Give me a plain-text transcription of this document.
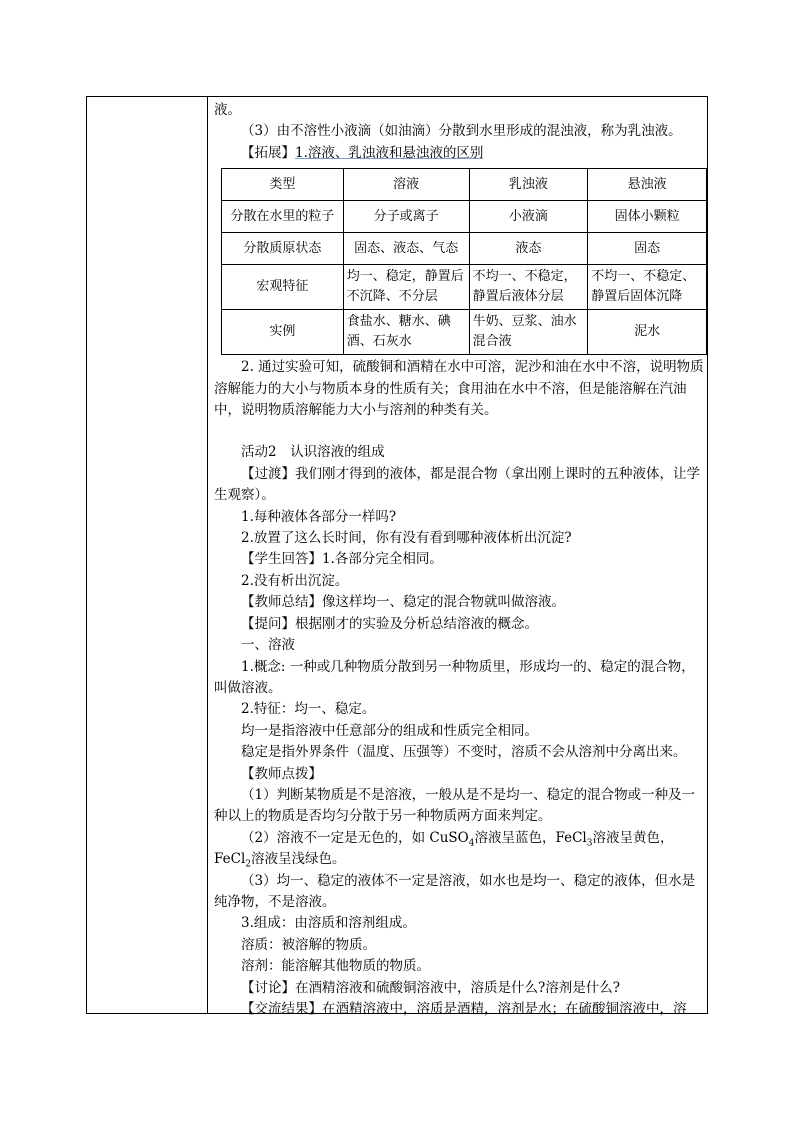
液。

（3）由不溶性小液滴（如油滴）分散到水里形成的混浊液，称为乳浊液。

【拓展】1.溶液、乳浊液和悬浊液的区别

类型	溶液	乳浊液	悬浊液
分散在水里的粒子	分子或离子	小液滴	固体小颗粒
分散质原状态	固态、液态、气态	液态	固态
宏观特征	均一、稳定，静置后不沉降、不分层	不均一、不稳定，静置后液体分层	不均一、不稳定、静置后固体沉降
实例	食盐水、糖水、碘酒、石灰水	牛奶、豆浆、油水混合液	泥水

2. 通过实验可知，硫酸铜和酒精在水中可溶，泥沙和油在水中不溶，说明物质溶解能力的大小与物质本身的性质有关；食用油在水中不溶，但是能溶解在汽油中，说明物质溶解能力大小与溶剂的种类有关。

活动2　认识溶液的组成

【过渡】我们刚才得到的液体，都是混合物（拿出刚上课时的五种液体，让学生观察）。

1.每种液体各部分一样吗?

2.放置了这么长时间，你有没有看到哪种液体析出沉淀?

【学生回答】1.各部分完全相同。

2.没有析出沉淀。

【教师总结】像这样均一、稳定的混合物就叫做溶液。

【提问】根据刚才的实验及分析总结溶液的概念。

一、溶液

1.概念: 一种或几种物质分散到另一种物质里，形成均一的、稳定的混合物，叫做溶液。

2.特征：均一、稳定。

均一是指溶液中任意部分的组成和性质完全相同。

稳定是指外界条件（温度、压强等）不变时，溶质不会从溶剂中分离出来。

【教师点拨】

（1）判断某物质是不是溶液，一般从是不是均一、稳定的混合物或一种及一种以上的物质是否均匀分散于另一种物质两方面来判定。

（2）溶液不一定是无色的，如 CuSO$_4$溶液呈蓝色，FeCl$_3$溶液呈黄色，FeCl$_2$溶液呈浅绿色。

（3）均一、稳定的液体不一定是溶液，如水也是均一、稳定的液体，但水是纯净物，不是溶液。

3.组成：由溶质和溶剂组成。

溶质：被溶解的物质。

溶剂：能溶解其他物质的物质。

【讨论】在酒精溶液和硫酸铜溶液中，溶质是什么?溶剂是什么?

【交流结果】在酒精溶液中，溶质是酒精，溶剂是水；在硫酸铜溶液中，溶
